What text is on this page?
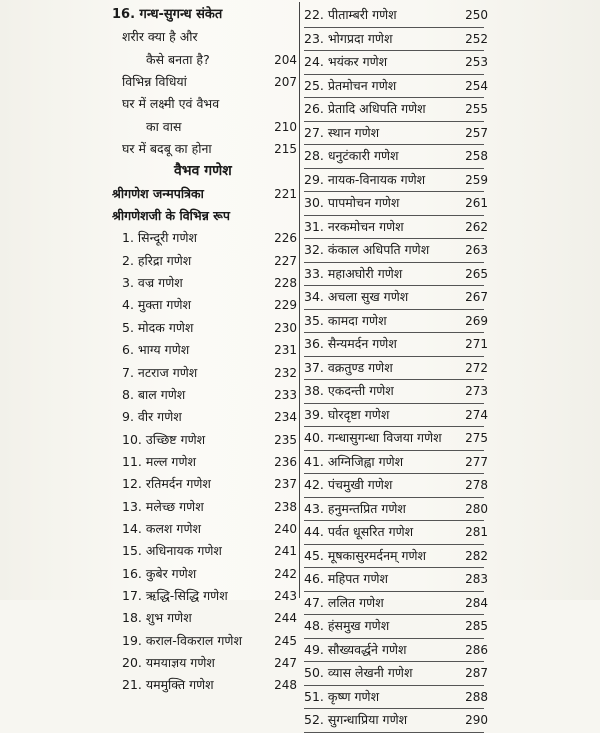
16. गन्ध-सुगन्ध संकेत
शरीर क्या है और
कैसे बनता है?	204
विभिन्न विधियां	207
घर में लक्ष्मी एवं वैभव
का वास	210
घर में बदबू का होना	215
वैभव गणेश
श्रीगणेश जन्मपत्रिका	221
श्रीगणेशजी के विभिन्न रूप
1. सिन्दूरी गणेश	226
2. हरिद्रा गणेश	227
3. वज्र गणेश	228
4. मुक्ता गणेश	229
5. मोदक गणेश	230
6. भाग्य गणेश	231
7. नटराज गणेश	232
8. बाल गणेश	233
9. वीर गणेश	234
10. उच्छिष्ट गणेश	235
11. मल्ल गणेश	236
12. रतिमर्दन गणेश	237
13. मलेच्छ गणेश	238
14. कलश गणेश	240
15. अधिनायक गणेश	241
16. कुबेर गणेश	242
17. ऋद्धि-सिद्धि गणेश	243
18. शुभ गणेश	244
19. कराल-विकराल गणेश	245
20. यमयाज्ञय गणेश	247
21. यममुक्ति गणेश	248
22. पीताम्बरी गणेश	250
23. भोगप्रदा गणेश	252
24. भयंकर गणेश	253
25. प्रेतमोचन गणेश	254
26. प्रेतादि अधिपति गणेश	255
27. स्थान गणेश	257
28. धनुटंकारी गणेश	258
29. नायक-विनायक गणेश	259
30. पापमोचन गणेश	261
31. नरकमोचन गणेश	262
32. कंकाल अधिपति गणेश	263
33. महाअघोरी गणेश	265
34. अचला सुख गणेश	267
35. कामदा गणेश	269
36. सैन्यमर्दन गणेश	271
37. वक्रतुण्ड गणेश	272
38. एकदन्ती गणेश	273
39. घोरदृष्टा गणेश	274
40. गन्धासुगन्धा विजया गणेश 275
41. अग्निजिह्वा गणेश	277
42. पंचमुखी गणेश	278
43. हनुमन्तप्रित गणेश	280
44. पर्वत धूसरित गणेश	281
45. मूषकासुरमर्दनम् गणेश	282
46. महिपत गणेश	283
47. ललित गणेश	284
48. हंसमुख गणेश	285
49. सौख्यवर्द्धने गणेश	286
50. व्यास लेखनी गणेश	287
51. कृष्ण गणेश	288
52. सुगन्धाप्रिया गणेश	290
